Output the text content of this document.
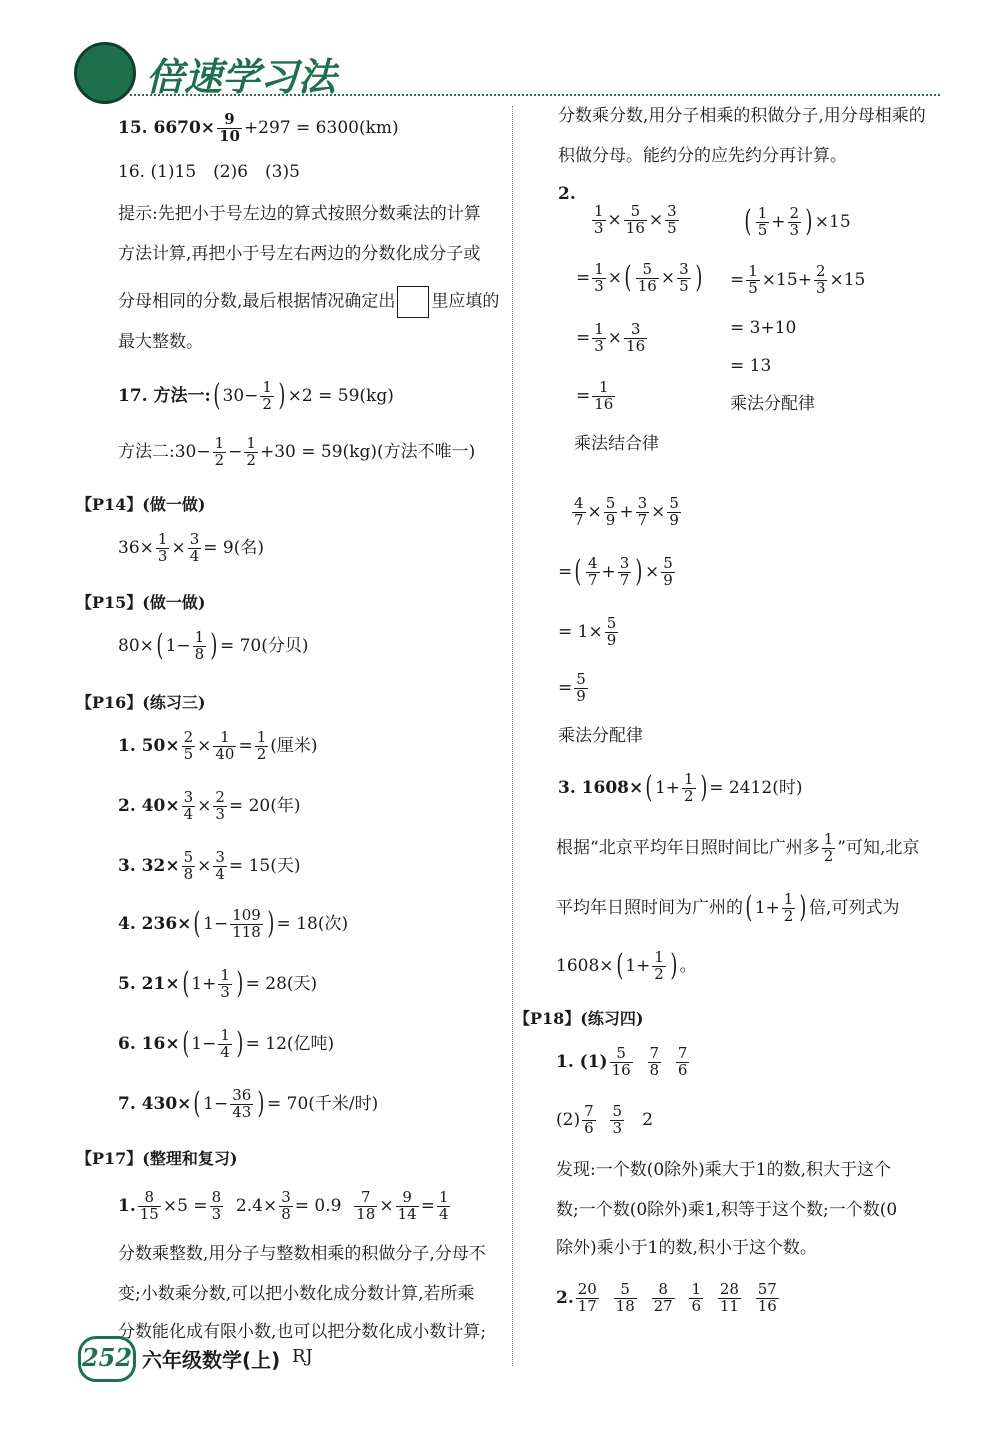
倍速学习法
15. $6670\times \frac{9}{10} +297 = 6300(km)$
16. (1)15　(2)6　(3)5
提示:先把小于号左边的算式按照分数乘法的计算
方法计算,再把小于号左右两边的分数化成分子或
分母相同的分数,最后根据情况确定出 里应填的
最大整数。
17. 方法一:( $30- \frac{1}{2}$ ) ×2 = 59(kg)
方法二:30− $\frac{1}{2} - \frac{1}{2} +30 = 59(kg)$(方法不唯一)
【P14】(做一做)
$36\times \frac{1}{3} \times \frac{3}{4} = 9$(名)
【P15】(做一做)
80×( $1- \frac{1}{8}$ ) = 70(分贝)
【P16】(练习三)
1. $50\times \frac{2}{5} \times \frac{1}{40} = \frac{1}{2}$ (厘米)
2. $40\times \frac{3}{4} \times \frac{2}{3} = 20$(年)
3. $32\times \frac{5}{8} \times \frac{3}{4} = 15$(天)
4. 236×( $1- \frac{109}{118}$ ) = 18(次)
5. 21×( $1+ \frac{1}{3}$ ) = 28(天)
6. 16×( $1- \frac{1}{4}$ ) = 12(亿吨)
7. 430×( $1- \frac{36}{43}$ ) = 70(千米/时)
【P17】(整理和复习)
1. $\frac{8}{15} \times 5 = \frac{8}{3} 2.4\times \frac{3}{8} = 0.9 \frac{7}{18} \times \frac{9}{14} = \frac{1}{4}$
分数乘整数,用分子与整数相乘的积做分子,分母不
变;小数乘分数,可以把小数化成分数计算,若所乘
分数能化成有限小数,也可以把分数化成小数计算;
分数乘分数,用分子相乘的积做分子,用分母相乘的
积做分母。能约分的应先约分再计算。
2.
$\frac{1}{3} \times \frac{5}{16} \times \frac{3}{5}$
= $\frac{1}{3}$ ×( $\frac{5}{16} \times \frac{3}{5}$ )
= $\frac{1}{3} \times \frac{3}{16}$
= $\frac{1}{16}$
乘法结合律
( $\frac{1}{5} + \frac{2}{3}$ ) ×15
= $\frac{1}{5} \times 15+ \frac{2}{3} \times 15$
= 3+10
= 13
乘法分配律
$\frac{4}{7} \times \frac{5}{9} + \frac{3}{7} \times \frac{5}{9}$
=( $\frac{4}{7} + \frac{3}{7}$ ) × $\frac{5}{9}$
= $1\times \frac{5}{9}$
= $\frac{5}{9}$
乘法分配律
3. 1608×( $1+ \frac{1}{2}$ ) = 2412(时)
根据“北京平均年日照时间比广州多 $\frac{1}{2}$ ”可知,北京
平均年日照时间为广州的( $1+ \frac{1}{2}$ ) 倍,可列式为
1608×( $1+ \frac{1}{2}$ ) 。
【P18】(练习四)
1. $(1) \frac{5}{16}$
$\frac{7}{8}$
$\frac{7}{6}$
$(2) \frac{7}{6}$
$\frac{5}{3} 2$
发现:一个数(0除外)乘大于1的数,积大于这个
数;一个数(0除外)乘1,积等于这个数;一个数(0
除外)乘小于1的数,积小于这个数。
2. $\frac{20}{17}$
$\frac{5}{18}$
$\frac{8}{27}$
$\frac{1}{6}$
$\frac{28}{11}$
$\frac{57}{16}$
252 六年级数学(上) RJ
